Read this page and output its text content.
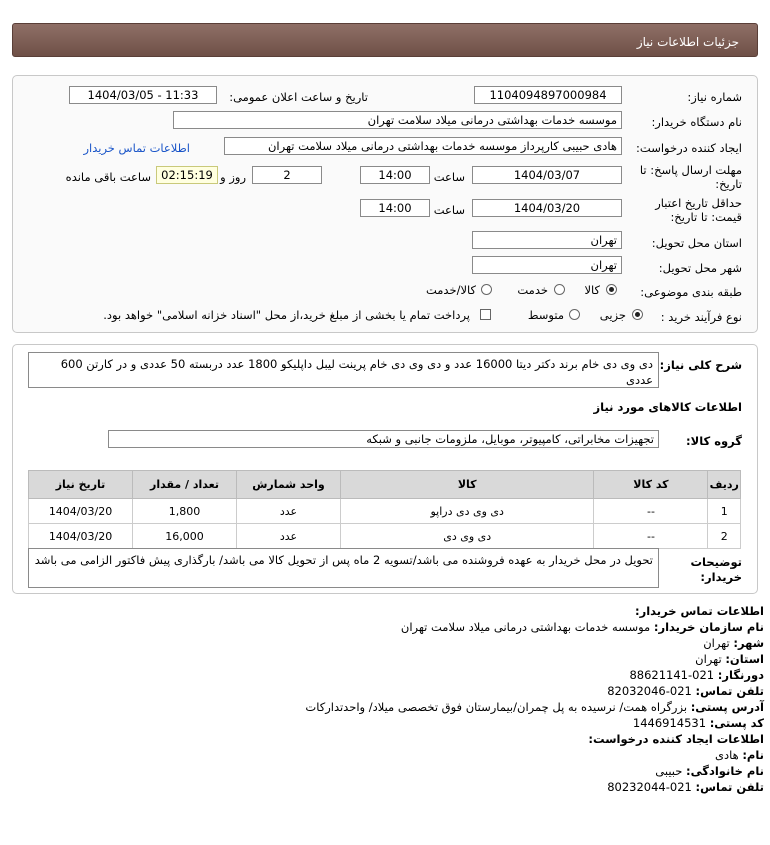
جزئیات اطلاعات نیاز
شماره نیاز:
1104094897000984
تاریخ و ساعت اعلان عمومی:
1404/03/05 - 11:33
نام دستگاه خریدار:
موسسه خدمات بهداشتی درمانی میلاد سلامت تهران
ایجاد کننده درخواست:
هادی حبیبی کارپرداز موسسه خدمات بهداشتی درمانی میلاد سلامت تهران
اطلاعات تماس خریدار
مهلت ارسال پاسخ: تا
تاریخ:
1404/03/07
ساعت
14:00
2
روز و
02:15:19
ساعت باقی مانده
حداقل تاریخ اعتبار
قیمت: تا تاریخ:
1404/03/20
ساعت
14:00
استان محل تحویل:
تهران
شهر محل تحویل:
تهران
طبقه بندی موضوعی:
کالا
خدمت
کالا/خدمت
نوع فرآیند خرید :
جزیی
متوسط
پرداخت تمام یا بخشی از مبلغ خرید،از محل "اسناد خزانه اسلامی" خواهد بود.
شرح کلی نیاز:
دی وی دی خام برند دکتر دیتا 16000 عدد و دی وی دی خام پرینت لیبل داپلیکو 1800 عدد دربسته 50 عددی و در کارتن 600 عددی
اطلاعات کالاهای مورد نیاز
گروه کالا:
تجهیزات مخابراتی، کامپیوتر، موبایل، ملزومات جانبی و شبکه
ردیف	کد کالا	کالا	واحد شمارش	تعداد / مقدار	تاریخ نیاز
1	--	دی وی دی دراپو	عدد	1,800	1404/03/20
2	--	دی وی دی	عدد	16,000	1404/03/20
توضیحات
خریدار:
تحویل در محل خریدار به عهده فروشنده می باشد/تسویه 2 ماه پس از تحویل کالا می باشد/ بارگذاری پیش فاکتور الزامی می باشد
اطلاعات تماس خریدار:
نام سازمان خریدار: موسسه خدمات بهداشتی درمانی میلاد سلامت تهران
شهر: تهران
استان: تهران
دورنگار: 021-88621141
تلفن تماس: 021-82032046
آدرس پستی: بزرگراه همت/ نرسیده به پل چمران/بیمارستان فوق تخصصی میلاد/ واحدتدارکات
کد پستی: 1446914531
اطلاعات ایجاد کننده درخواست:
نام: هادی
نام خانوادگی: حبیبی
تلفن تماس: 021-80232044
